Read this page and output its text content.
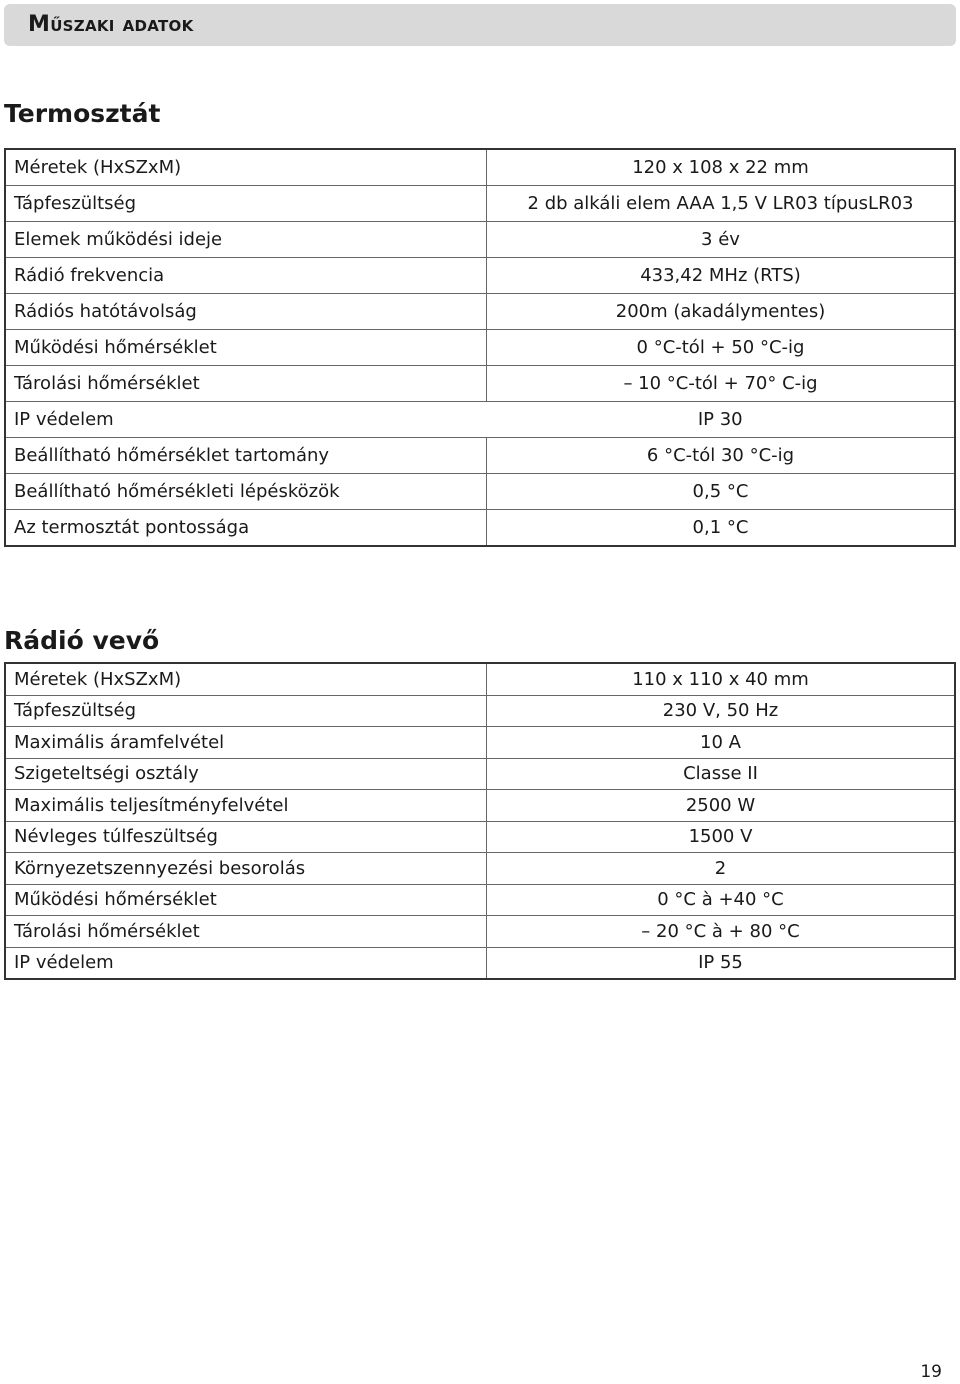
Műszaki adatok
Termosztát
Méretek (HxSZxM)	120 x 108 x 22 mm
Tápfeszültség	2 db alkáli elem AAA 1,5 V LR03 típusLR03
Elemek működési ideje	3 év
Rádió frekvencia	433,42 MHz (RTS)
Rádiós hatótávolság	200m (akadálymentes)
Működési hőmérséklet	0 °C-tól + 50 °C-ig
Tárolási hőmérséklet	– 10 °C-tól + 70° C-ig
IP védelem	IP 30
Beállítható hőmérséklet tartomány	6 °C-tól 30 °C-ig
Beállítható hőmérsékleti lépésközök	0,5 °C
Az termosztát pontossága	0,1 °C
Rádió vevő
Méretek (HxSZxM)	110 x 110 x 40 mm
Tápfeszültség	230 V, 50 Hz
Maximális áramfelvétel	10 A
Szigeteltségi osztály	Classe II
Maximális teljesítményfelvétel	2500 W
Névleges túlfeszültség	1500 V
Környezetszennyezési besorolás	2
Működési hőmérséklet	0 °C à +40 °C
Tárolási hőmérséklet	– 20 °C à + 80 °C
IP védelem	IP 55
19
